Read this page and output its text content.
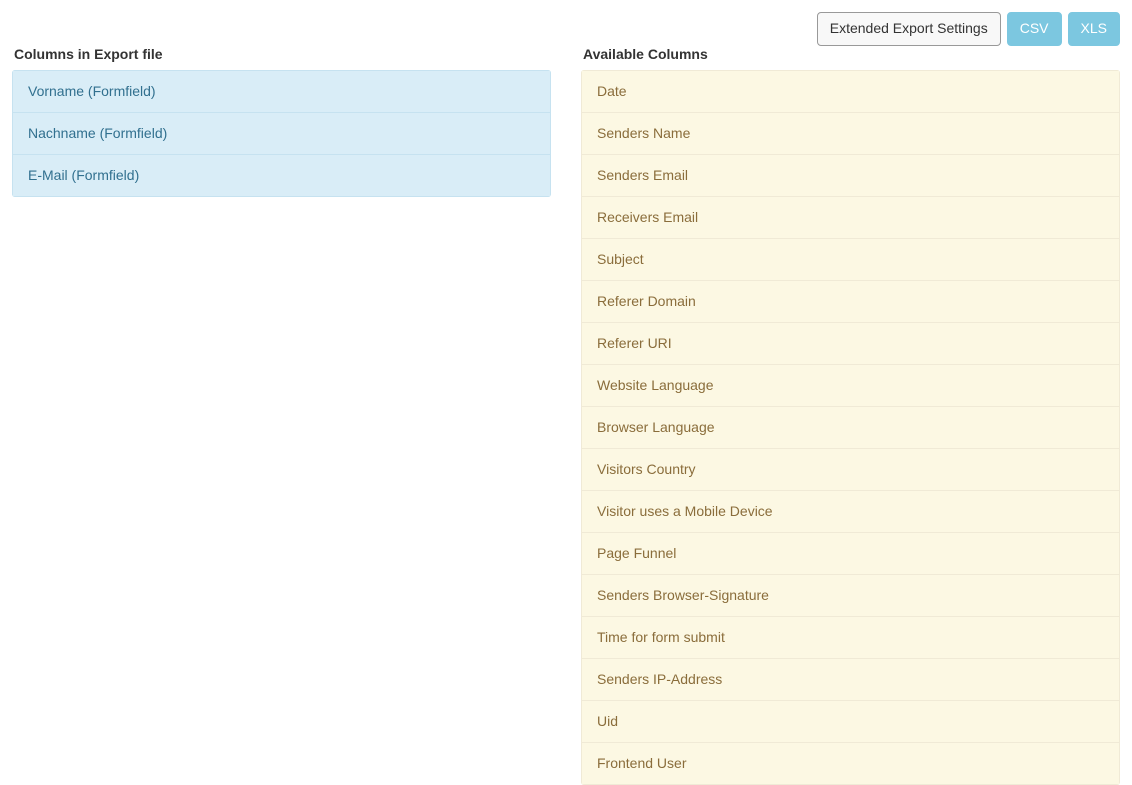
Extended Export Settings	CSV	XLS
Columns in Export file
Vorname (Formfield)
Nachname (Formfield)
E-Mail (Formfield)
Available Columns
Date
Senders Name
Senders Email
Receivers Email
Subject
Referer Domain
Referer URI
Website Language
Browser Language
Visitors Country
Visitor uses a Mobile Device
Page Funnel
Senders Browser-Signature
Time for form submit
Senders IP-Address
Uid
Frontend User
